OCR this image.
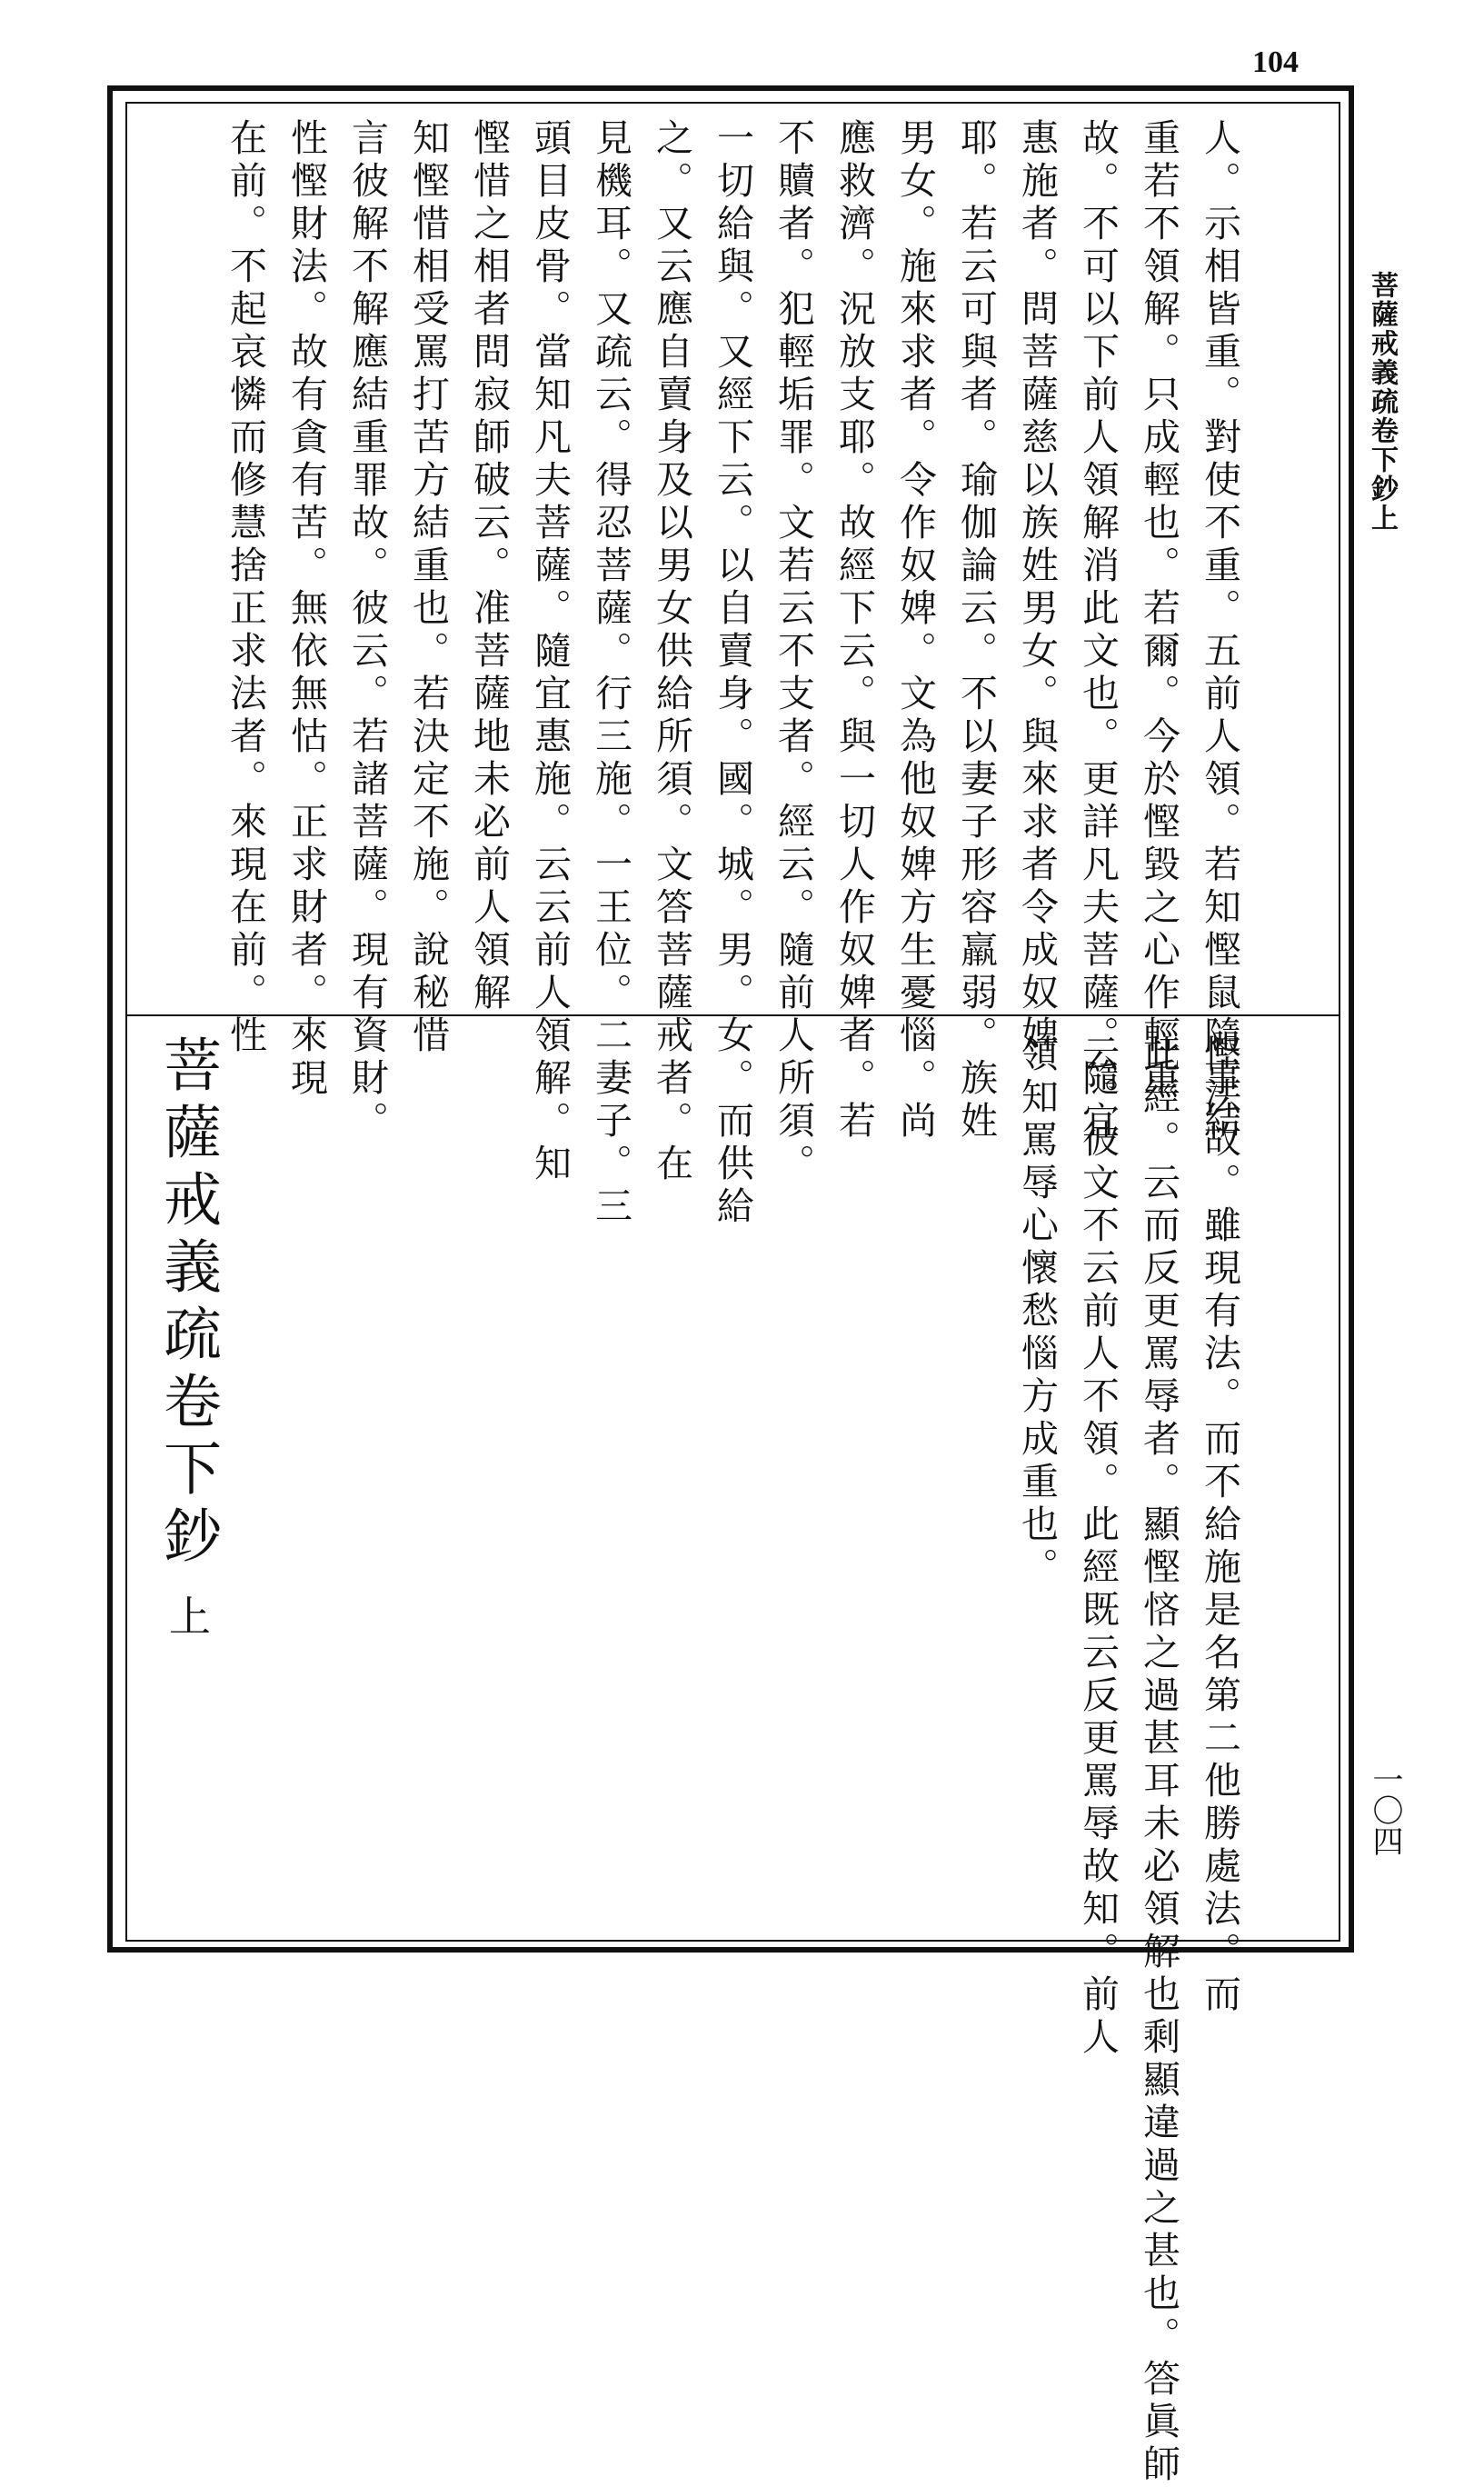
104
人。示相皆重。對使不重。五前人領。若知慳鼠隨事結
重若不領解。只成輕也。若爾。今於慳毀之心作輕重
故。不可以下前人領解消此文也。更詳凡夫菩薩。隨宜
惠施者。問菩薩慈以族姓男女。與來求者令成奴婢
耶。若云可與者。瑜伽論云。不以妻子形容羸弱。族姓
男女。施來求者。令作奴婢。文為他奴婢方生憂惱。尚
應救濟。況放支耶。故經下云。與一切人作奴婢者。若
不贖者。犯輕垢罪。文若云不支者。經云。隨前人所須。
一切給與。又經下云。以自賣身。國。城。男。女。而供給
之。又云應自賣身及以男女供給所須。文答菩薩戒者。在
見機耳。又疏云。得忍菩薩。行三施。一王位。二妻子。三
頭目皮骨。當知凡夫菩薩。隨宜惠施。云云前人領解。知
慳惜之相者問寂師破云。准菩薩地未必前人領解
知慳惜相受罵打苦方結重也。若決定不施。說秘惜
言彼解不解應結重罪故。彼云。若諸菩薩。現有資財。
性慳財法。故有貪有苦。無依無怙。正求財者。來現
在前。不起哀憐而修慧捨正求法者。來現在前。性
慳法故。雖現有法。而不給施是名第二他勝處法。而
此經。云而反更罵辱者。顯慳悋之過甚耳未必領解也剩顯違過之甚也。答眞師
云。彼文不云前人不領。此經既云反更罵辱故知。前人
領知罵辱心懷愁惱方成重也。
菩薩戒義疏卷下鈔上
菩薩戒義疏卷下鈔上
一〇四
